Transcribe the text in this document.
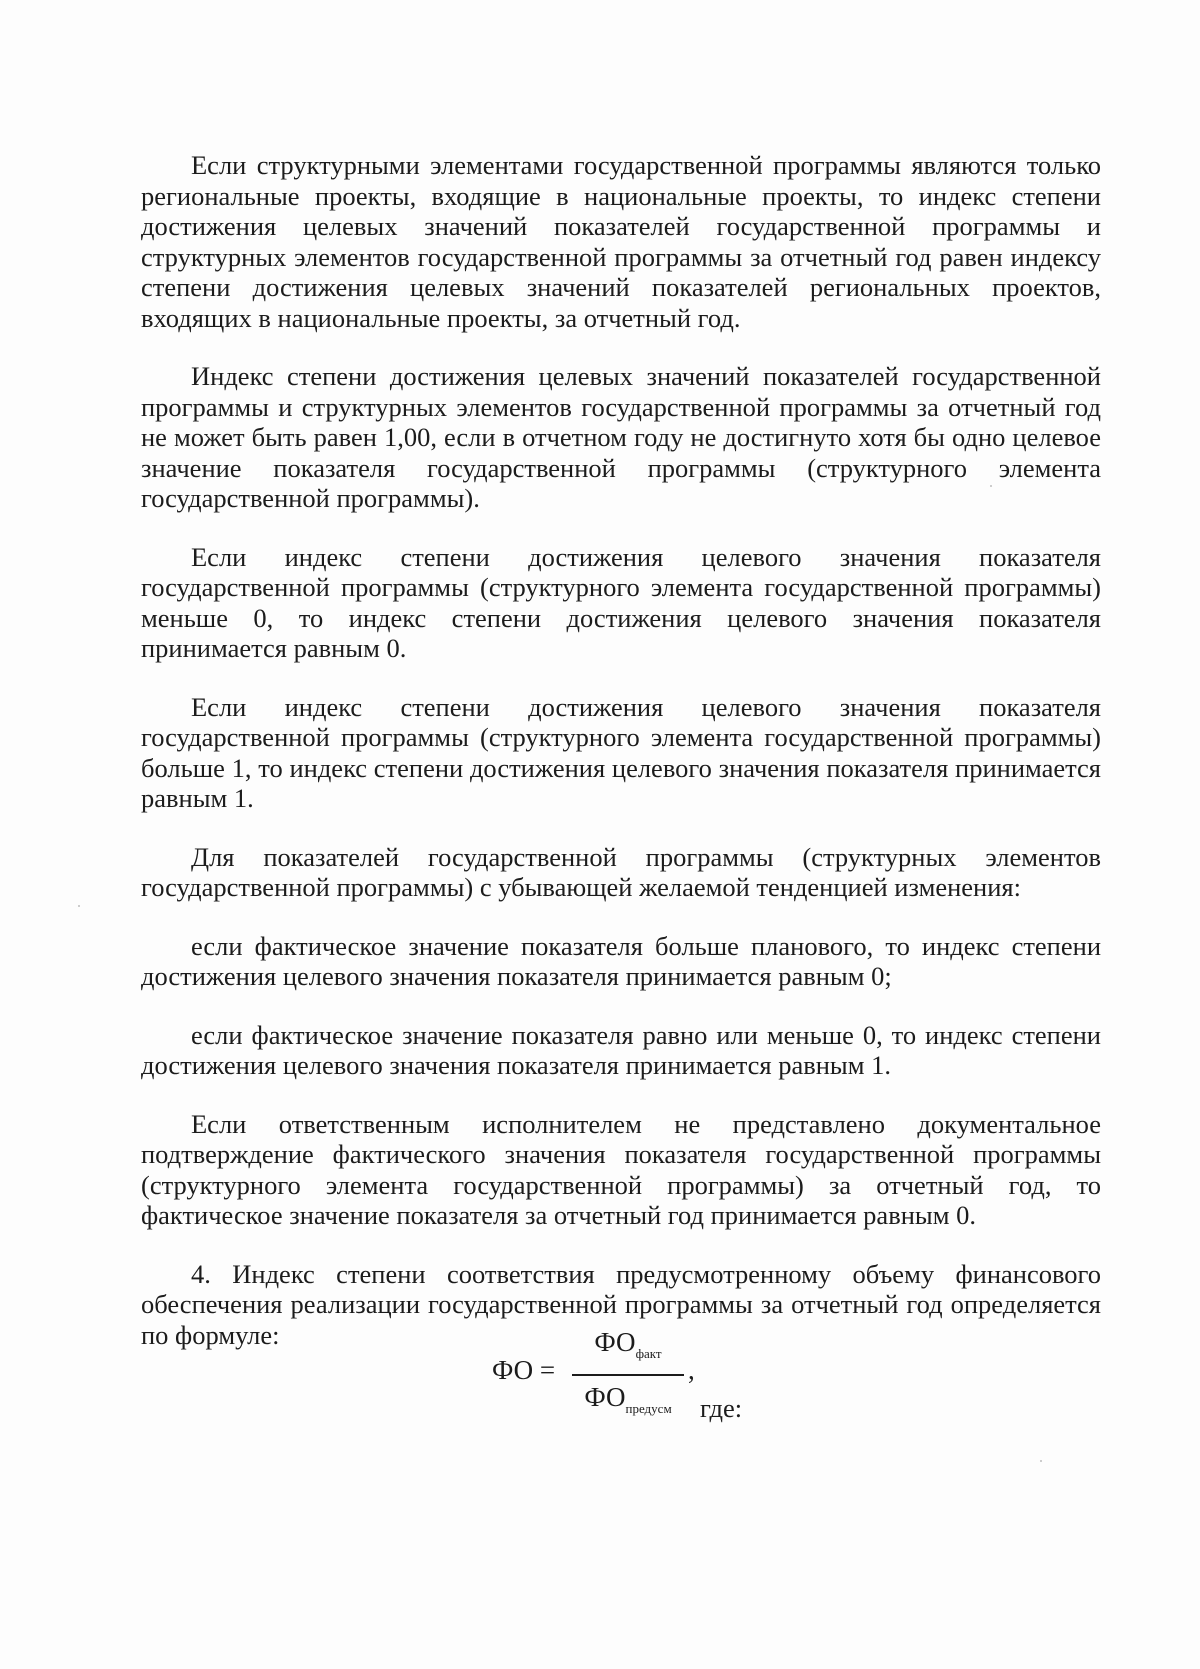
Если структурными элементами государственной программы являются только региональные проекты, входящие в национальные проекты, то индекс степени достижения целевых значений показателей государственной программы и структурных элементов государственной программы за отчетный год равен индексу степени достижения целевых значений показателей региональных проектов, входящих в национальные проекты, за отчетный год.

Индекс степени достижения целевых значений показателей государственной программы и структурных элементов государственной программы за отчетный год не может быть равен 1,00, если в отчетном году не достигнуто хотя бы одно целевое значение показателя государственной программы (структурного элемента государственной программы).

Если индекс степени достижения целевого значения показателя государственной программы (структурного элемента государственной программы) меньше 0, то индекс степени достижения целевого значения показателя принимается равным 0.

Если индекс степени достижения целевого значения показателя государственной программы (структурного элемента государственной программы) больше 1, то индекс степени достижения целевого значения показателя принимается равным 1.

Для показателей государственной программы (структурных элементов государственной программы) с убывающей желаемой тенденцией изменения:

если фактическое значение показателя больше планового, то индекс степени достижения целевого значения показателя принимается равным 0;

если фактическое значение показателя равно или меньше 0, то индекс степени достижения целевого значения показателя принимается равным 1.

Если ответственным исполнителем не представлено документальное подтверждение фактического значения показателя государственной программы (структурного элемента государственной программы) за отчетный год, то фактическое значение показателя за отчетный год принимается равным 0.

4. Индекс степени соответствия предусмотренному объему финансового обеспечения реализации государственной программы за отчетный год определяется по формуле:

ФО =
$ФО_{факт}$
$ФО_{предусм}$
,
где:
